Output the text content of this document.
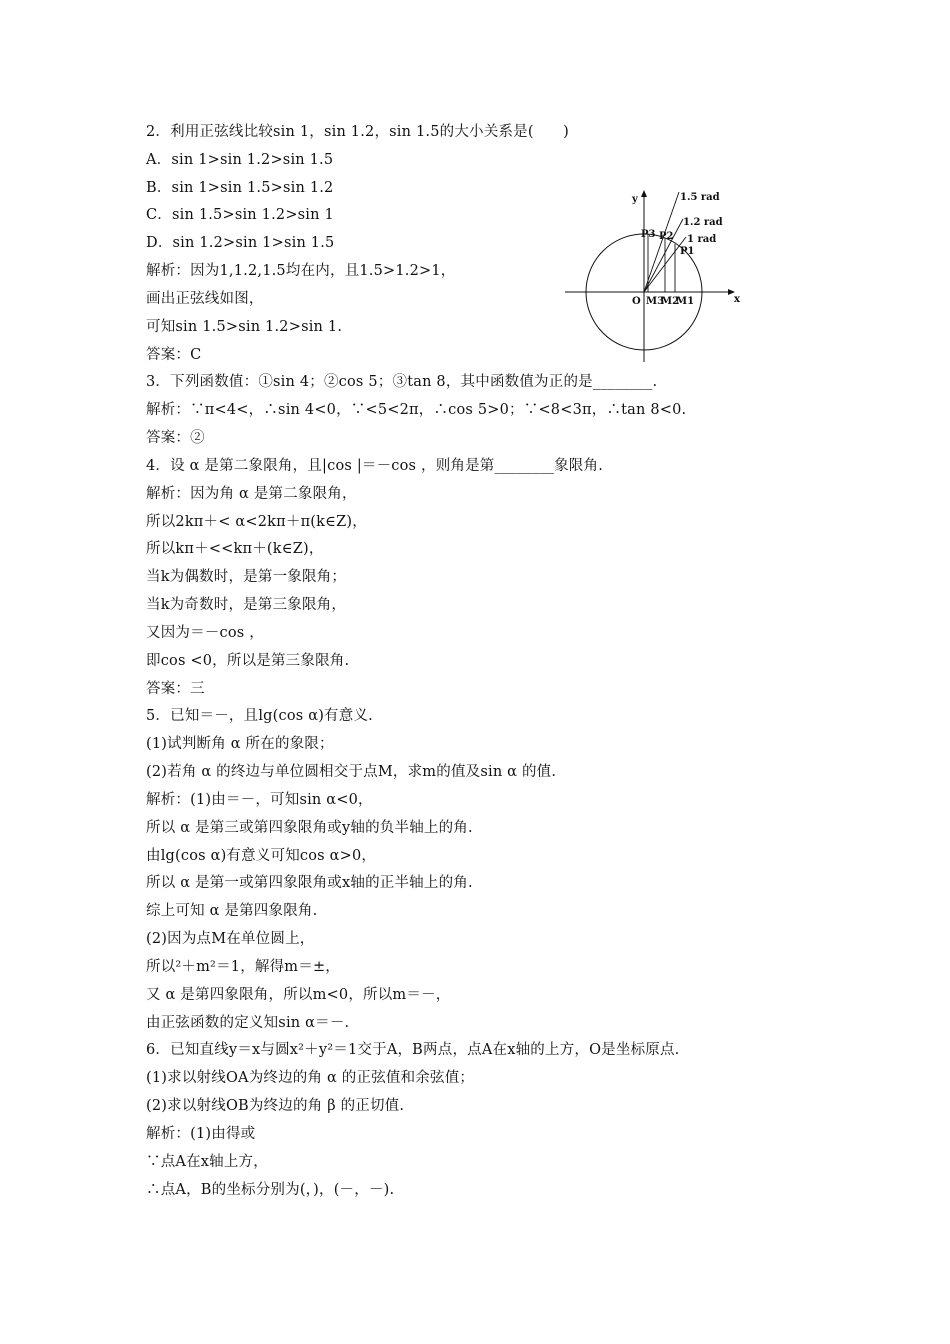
2．利用正弦线比较sin 1，sin 1.2，sin 1.5的大小关系是(　　)
A．sin 1>sin 1.2>sin 1.5
B．sin 1>sin 1.5>sin 1.2
C．sin 1.5>sin 1.2>sin 1
D．sin 1.2>sin 1>sin 1.5
解析：因为1,1.2,1.5均在内，且1.5>1.2>1，
画出正弦线如图，
可知sin 1.5>sin 1.2>sin 1.
答案：C
3．下列函数值：①sin 4；②cos 5；③tan 8，其中函数值为正的是________.
解析：∵π<4<，∴sin 4<0，∵<5<2π，∴cos 5>0；∵<8<3π，∴tan 8<0.
答案：②
4．设 α 是第二象限角，且|cos |＝－cos ，则角是第________象限角.
解析：因为角 α 是第二象限角，
所以2kπ＋< α<2kπ＋π(k∈Z)，
所以kπ＋<<kπ＋(k∈Z)，
当k为偶数时，是第一象限角；
当k为奇数时，是第三象限角，
又因为＝－cos ，
即cos <0，所以是第三象限角.
答案：三
5．已知＝－，且lg(cos α)有意义.
(1)试判断角 α 所在的象限；
(2)若角 α 的终边与单位圆相交于点M，求m的值及sin α 的值.
解析：(1)由＝－，可知sin α<0，
所以 α 是第三或第四象限角或y轴的负半轴上的角.
由lg(cos α)有意义可知cos α>0，
所以 α 是第一或第四象限角或x轴的正半轴上的角.
综上可知 α 是第四象限角.
(2)因为点M在单位圆上，
所以²＋m²＝1，解得m＝±，
又 α 是第四象限角，所以m<0，所以m＝－，
由正弦函数的定义知sin α＝－.
6．已知直线y＝x与圆x²＋y²＝1交于A，B两点，点A在x轴的上方，O是坐标原点.
(1)求以射线OA为终边的角 α 的正弦值和余弦值；
(2)求以射线OB为终边的角 β 的正切值.
解析：(1)由得或
∵点A在x轴上方，
∴点A，B的坐标分别为(，)，(－，－).
1.5 rad
1.2 rad
1 rad
P3 P2
P1
O M3
M2
M1	x
y
